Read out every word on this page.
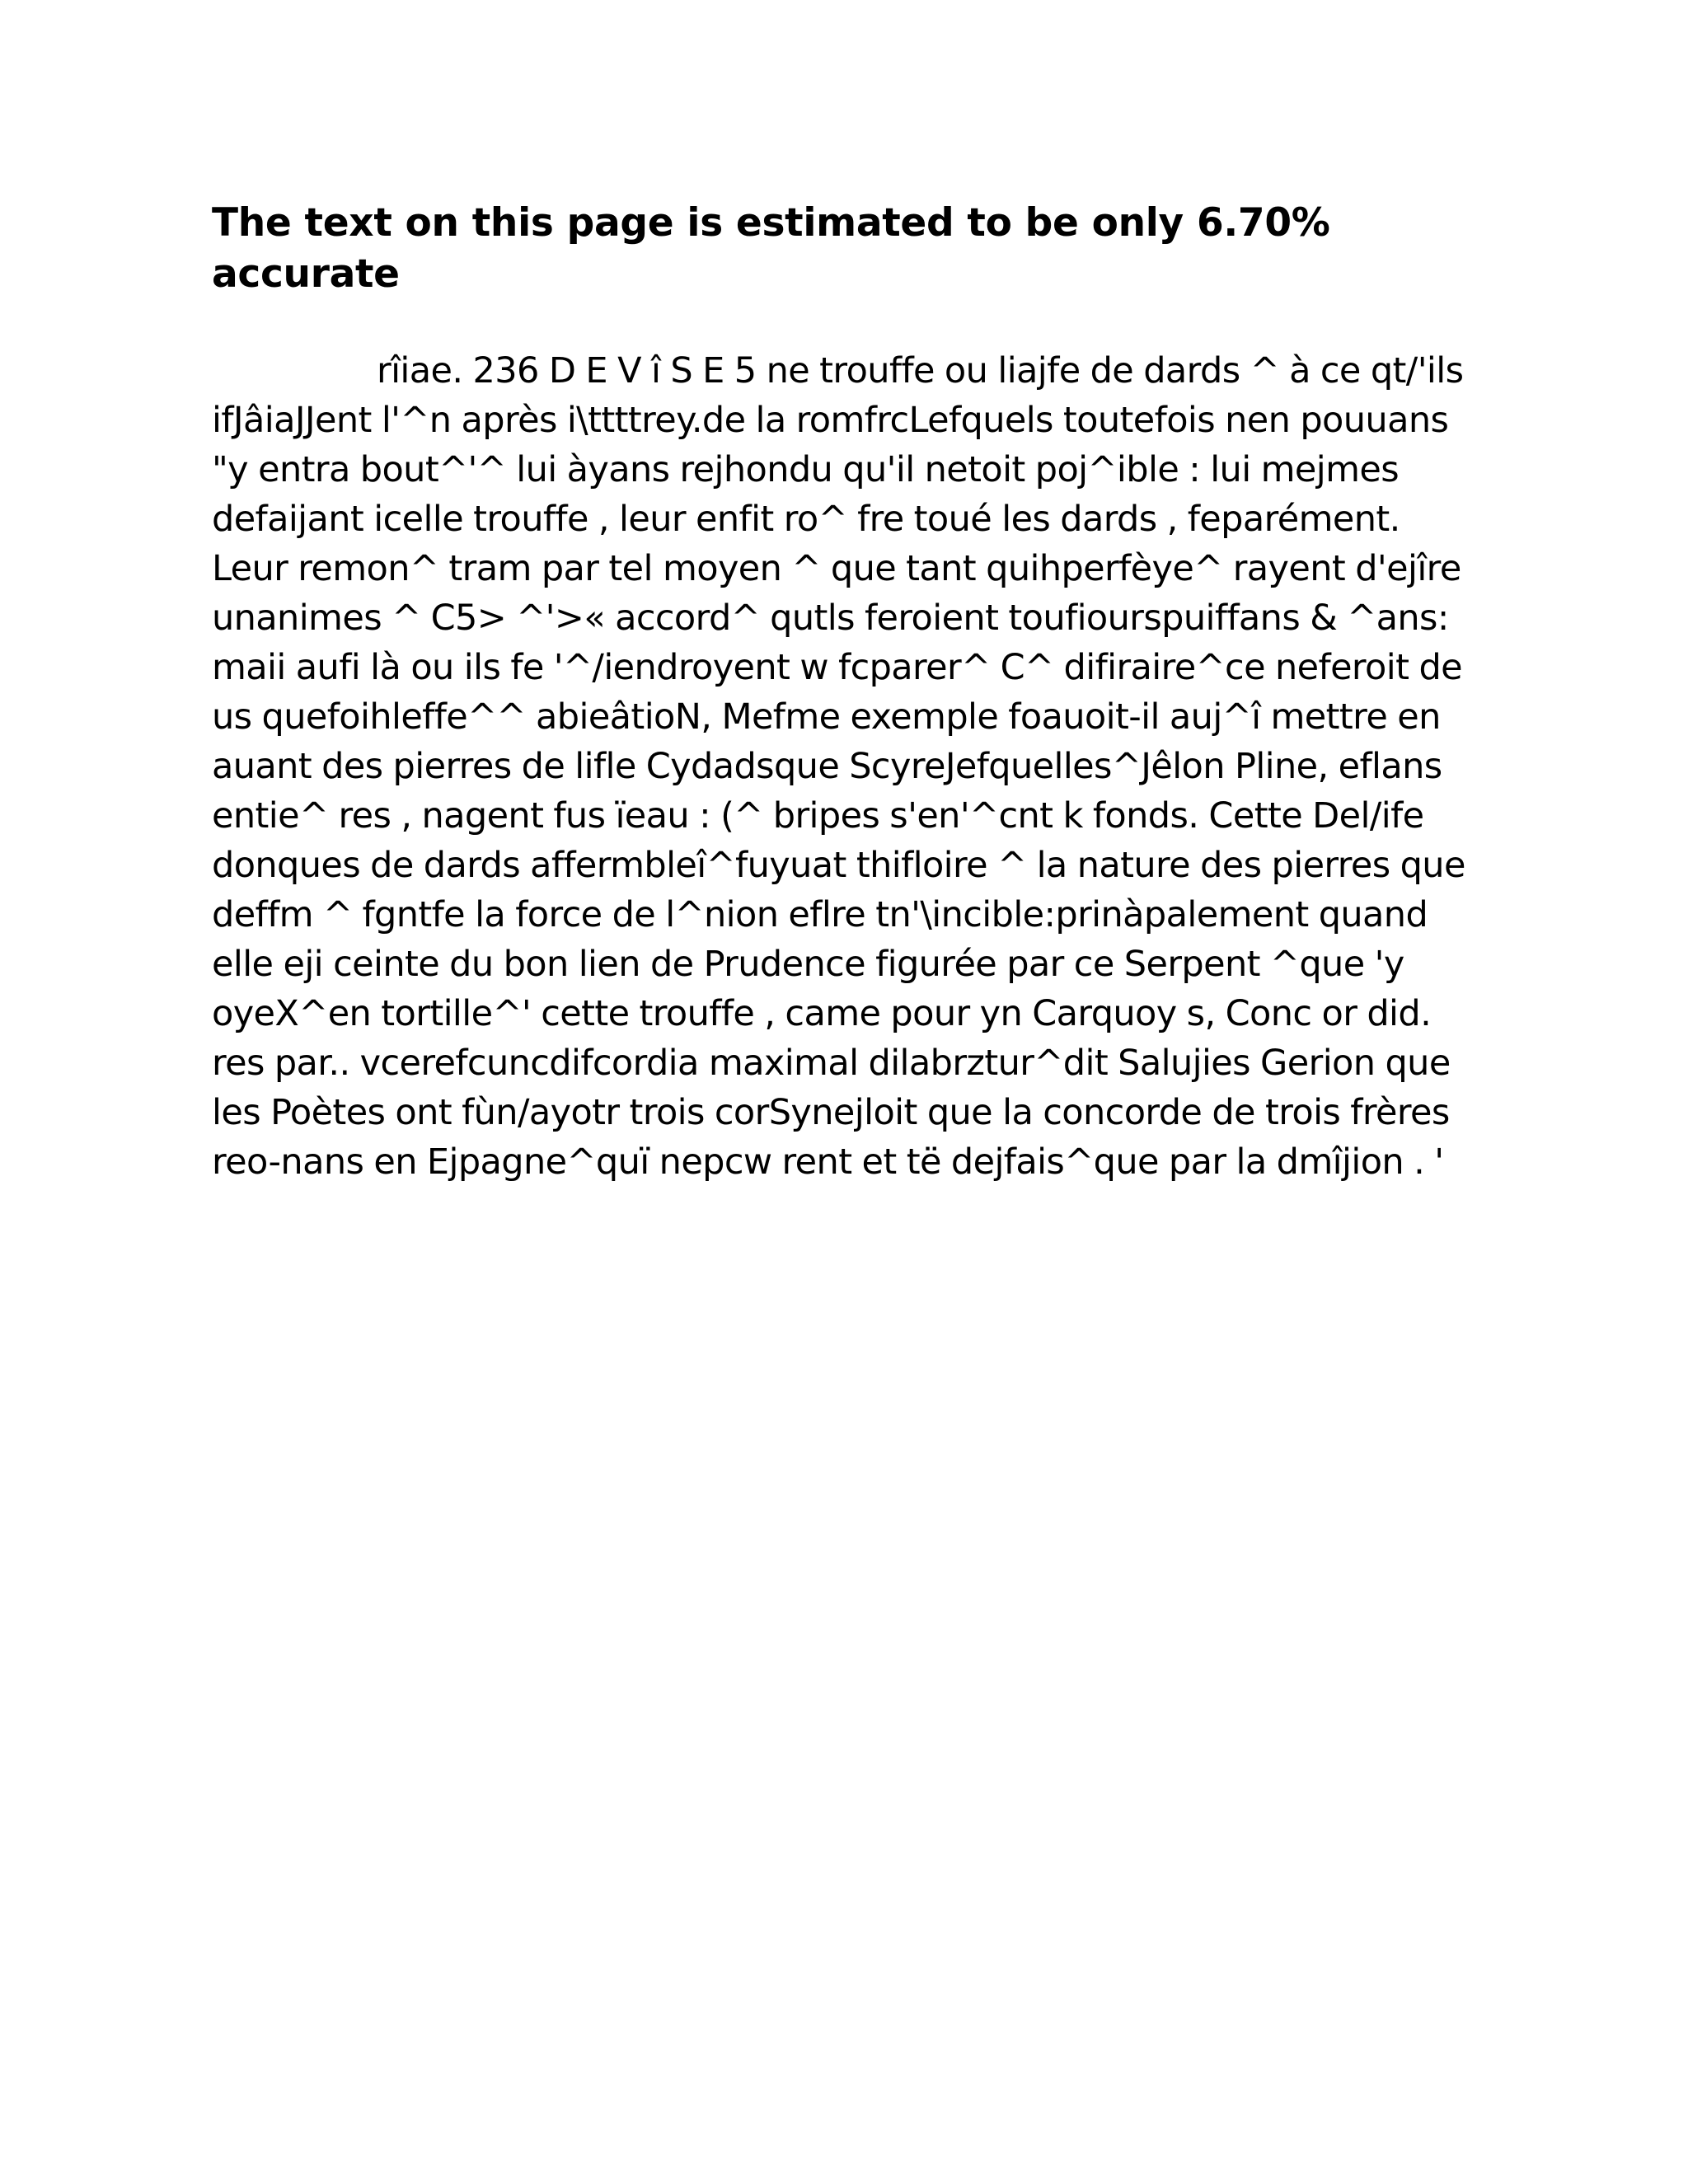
The text on this page is estimated to be only 6.70% accurate

rîiae. 236 D E V î S E 5 ne trouffe ou liajfe de dards ^ à ce qt/'ils ifJâiaJJent l'^n après i\ttttrey.de la romfrcLefquels toutefois nen pouuans "y entra bout^'^ lui àyans rejhondu qu'il netoit poj^ible : lui mejmes defaijant icelle trouffe , leur enfit ro^ fre toué les dards , feparément. Leur remon^ tram par tel moyen ^ que tant quihperfèye^ rayent d'ejîre unanimes ^ C5> ^'>« accord^ qutls feroient toufiourspuiffans & ^ans: maii aufi là ou ils fe '^/iendroyent w fcparer^ C^ difiraire^ce neferoit de us quefoihleffe^^ abieâtioN, Mefme exemple foauoit-il auj^î mettre en auant des pierres de lifle Cydadsque ScyreJefquelles^Jêlon Pline, eflans entie^ res , nagent fus ïeau : (^ bripes s'en'^cnt k fonds. Cette Del/ife donques de dards affermbleî^fuyuat thifloire ^ la nature des pierres que deffm ^ fgntfe la force de l^nion eflre tn'\incible:prinàpalement quand elle eji ceinte du bon lien de Prudence figurée par ce Serpent ^que 'y oyeX^en tortille^' cette trouffe , came pour yn Carquoy s, Conc or did. res par.. vcerefcuncdifcordia maximal dilabrztur^dit Salujies Gerion que les Poètes ont fùn/ayotr trois corSynejloit que la concorde de trois frères reo-nans en Ejpagne^quï nepcw rent et të dejfais^que par la dmîjion . '
